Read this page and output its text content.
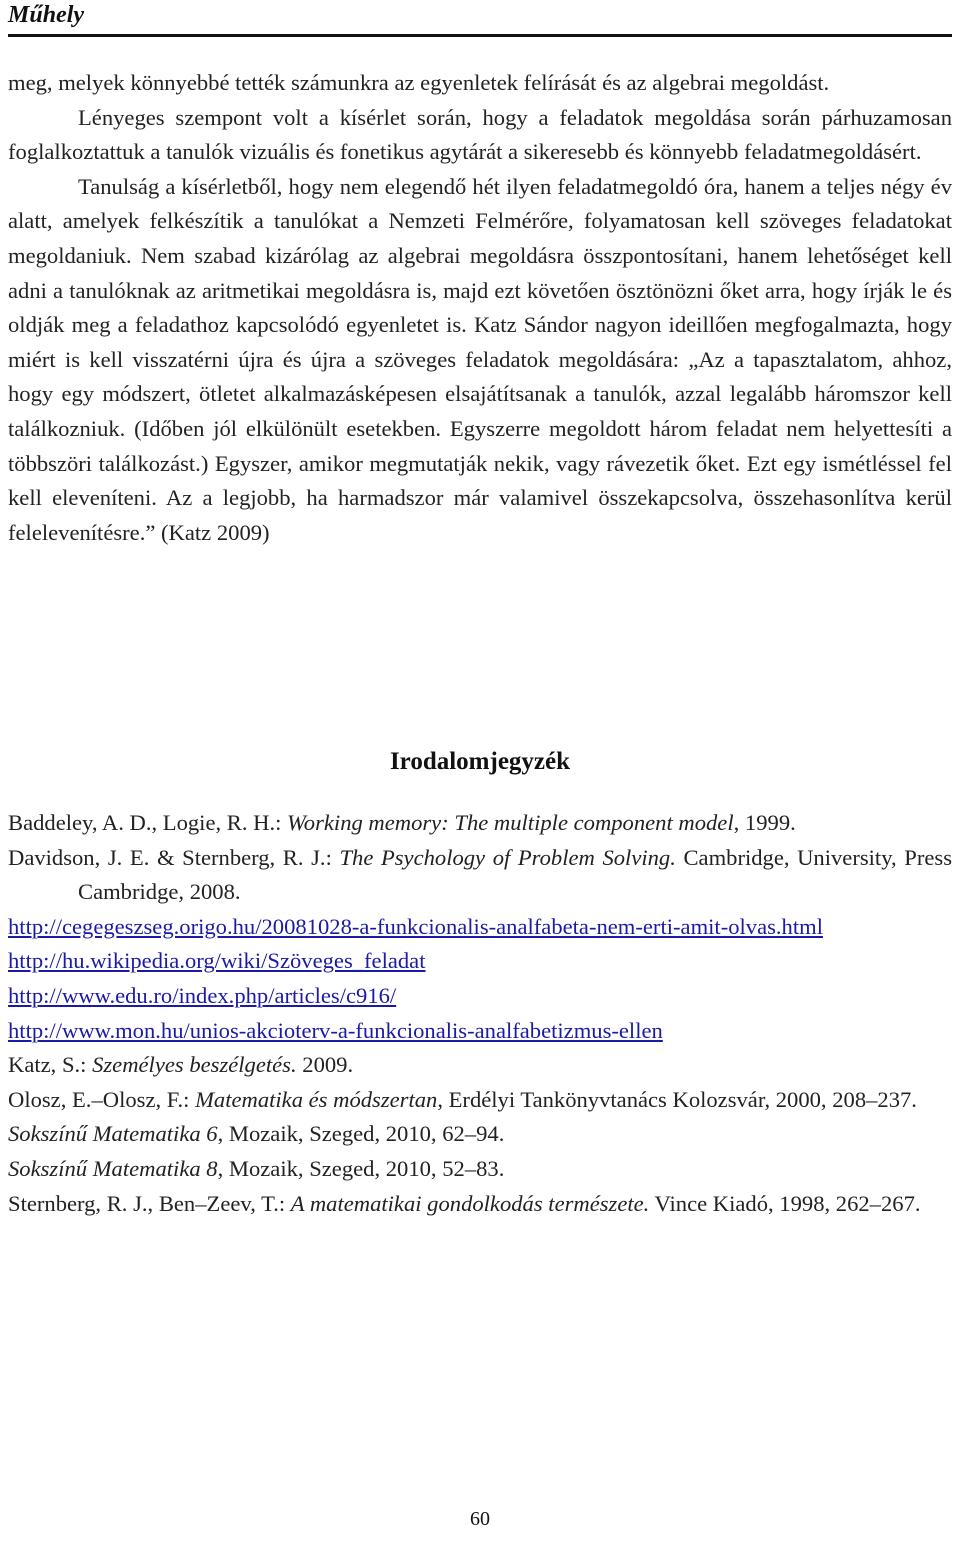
Műhely

meg, melyek könnyebbé tették számunkra az egyenletek felírását és az algebrai megoldást.

Lényeges szempont volt a kísérlet során, hogy a feladatok megoldása során párhuzamosan foglalkoztattuk a tanulók vizuális és fonetikus agytárát a sikeresebb és könnyebb feladatmegoldásért.

Tanulság a kísérletből, hogy nem elegendő hét ilyen feladatmegoldó óra, hanem a teljes négy év alatt, amelyek felkészítik a tanulókat a Nemzeti Felmérőre, folyamatosan kell szöveges feladatokat megoldaniuk. Nem szabad kizárólag az algebrai megoldásra összpontosítani, hanem lehetőséget kell adni a tanulóknak az aritmetikai megoldásra is, majd ezt követően ösztönözni őket arra, hogy írják le és oldják meg a feladathoz kapcsolódó egyenletet is. Katz Sándor nagyon ideillően megfogalmazta, hogy miért is kell visszatérni újra és újra a szöveges feladatok megoldására: „Az a tapasztalatom, ahhoz, hogy egy módszert, ötletet alkalmazásképesen elsajátítsanak a tanulók, azzal legalább háromszor kell találkozniuk. (Időben jól elkülönült esetekben. Egyszerre megoldott három feladat nem helyettesíti a többszöri találkozást.) Egyszer, amikor megmutatják nekik, vagy rávezetik őket. Ezt egy ismétléssel fel kell eleveníteni. Az a legjobb, ha harmadszor már valamivel összekapcsolva, összehasonlítva kerül felelevenítésre.” (Katz 2009)

Irodalomjegyzék
Baddeley, A. D., Logie, R. H.: Working memory: The multiple component model, 1999.
Davidson, J. E. & Sternberg, R. J.: The Psychology of Problem Solving. Cambridge, University, Press Cambridge, 2008.
http://cegegeszseg.origo.hu/20081028-a-funkcionalis-analfabeta-nem-erti-amit-olvas.html
http://hu.wikipedia.org/wiki/Szöveges_feladat
http://www.edu.ro/index.php/articles/c916/
http://www.mon.hu/unios-akcioterv-a-funkcionalis-analfabetizmus-ellen
Katz, S.: Személyes beszélgetés. 2009.
Olosz, E.–Olosz, F.: Matematika és módszertan, Erdélyi Tankönyvtanács Kolozsvár, 2000, 208–237.
Sokszínű Matematika 6, Mozaik, Szeged, 2010, 62–94.
Sokszínű Matematika 8, Mozaik, Szeged, 2010, 52–83.
Sternberg, R. J., Ben–Zeev, T.: A matematikai gondolkodás természete. Vince Kiadó, 1998, 262–267.
60
